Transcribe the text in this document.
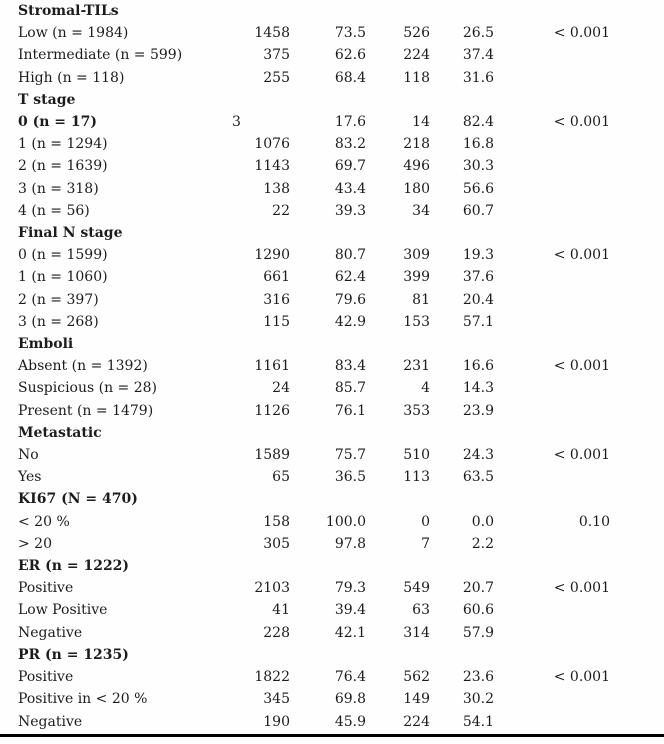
Stromal-TILs					
Low (n = 1984)	1458	73.5	526	26.5	< 0.001
Intermediate (n = 599)	375	62.6	224	37.4	
High (n = 118)	255	68.4	118	31.6	
T stage					
0 (n = 17)	3	17.6	14	82.4	< 0.001
1 (n = 1294)	1076	83.2	218	16.8	
2 (n = 1639)	1143	69.7	496	30.3	
3 (n = 318)	138	43.4	180	56.6	
4 (n = 56)	22	39.3	34	60.7	
Final N stage					
0 (n = 1599)	1290	80.7	309	19.3	< 0.001
1 (n = 1060)	661	62.4	399	37.6	
2 (n = 397)	316	79.6	81	20.4	
3 (n = 268)	115	42.9	153	57.1	
Emboli					
Absent (n = 1392)	1161	83.4	231	16.6	< 0.001
Suspicious (n = 28)	24	85.7	4	14.3	
Present (n = 1479)	1126	76.1	353	23.9	
Metastatic					
No	1589	75.7	510	24.3	< 0.001
Yes	65	36.5	113	63.5	
KI67 (N = 470)					
< 20 %	158	100.0	0	0.0	0.10
> 20	305	97.8	7	2.2	
ER (n = 1222)					
Positive	2103	79.3	549	20.7	< 0.001
Low Positive	41	39.4	63	60.6	
Negative	228	42.1	314	57.9	
PR (n = 1235)					
Positive	1822	76.4	562	23.6	< 0.001
Positive in < 20 %	345	69.8	149	30.2	
Negative	190	45.9	224	54.1	
